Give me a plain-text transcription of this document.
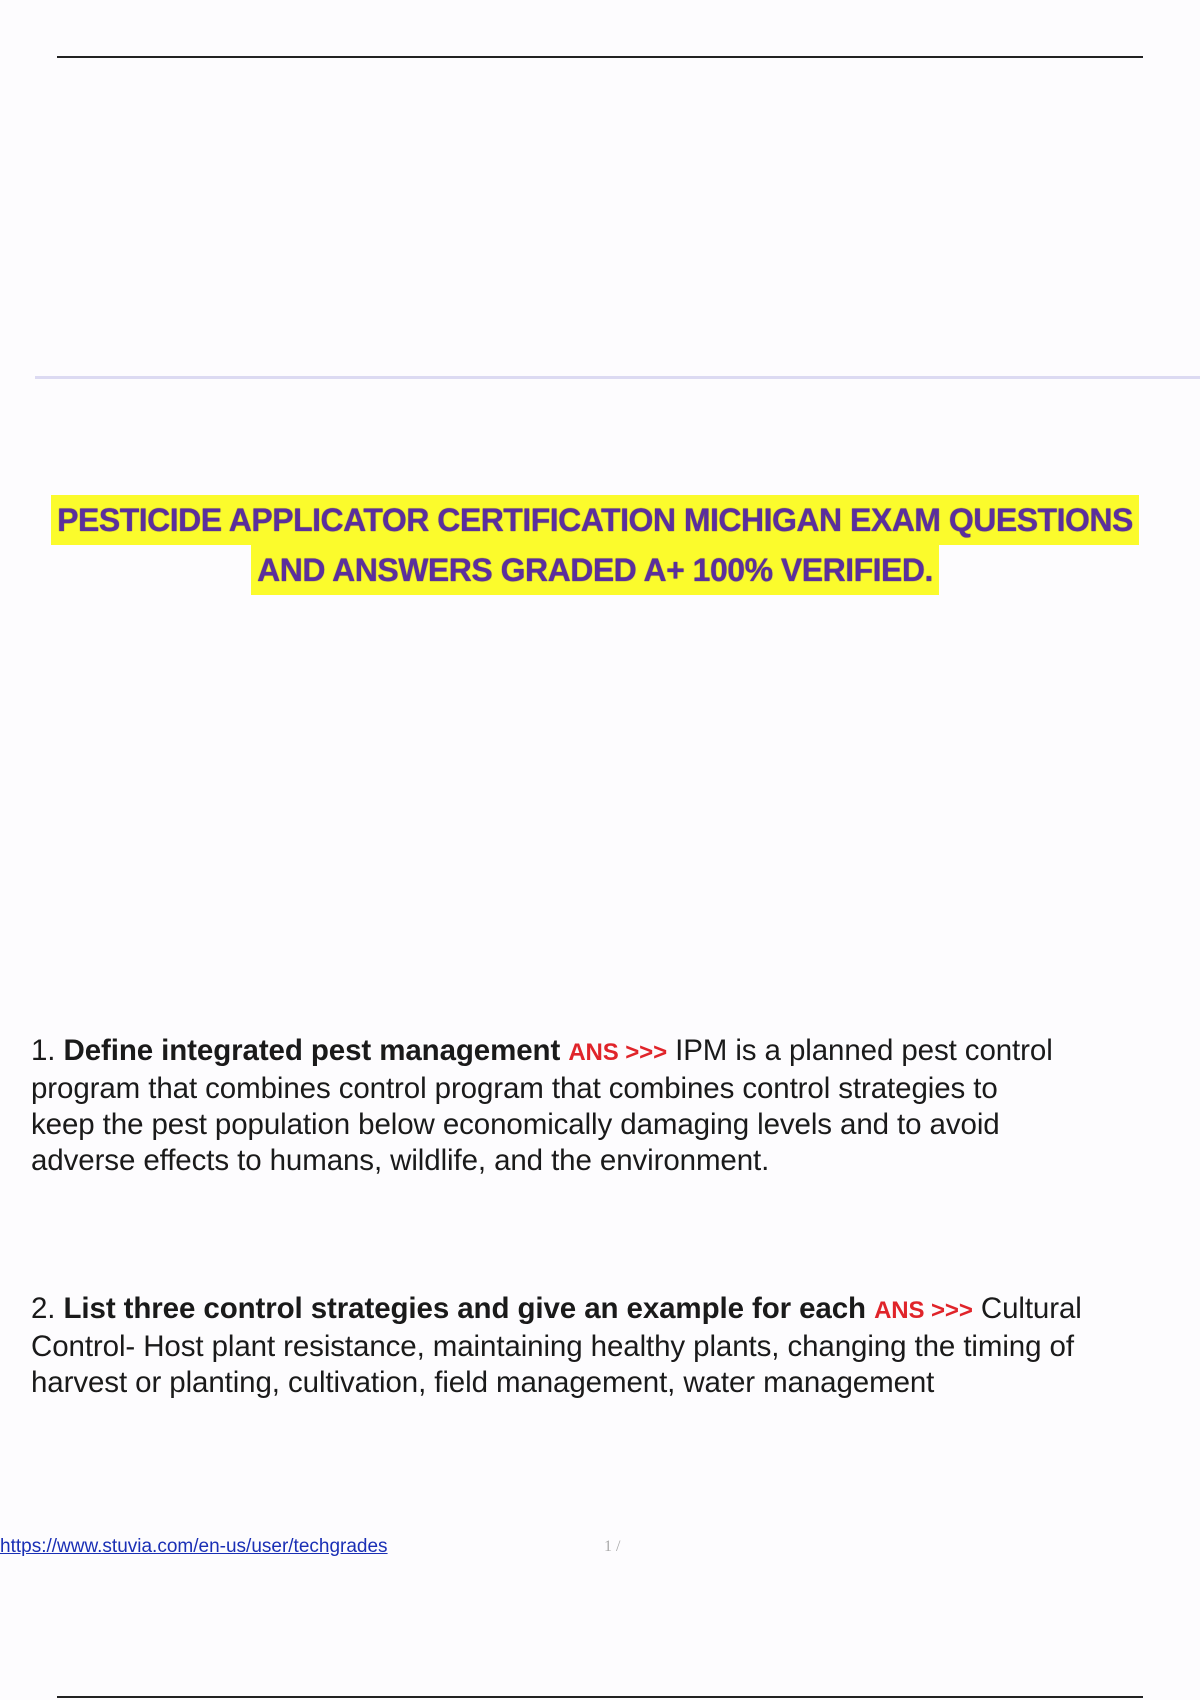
PESTICIDE APPLICATOR CERTIFICATION MICHIGAN EXAM QUESTIONS
AND ANSWERS GRADED A+ 100% VERIFIED.
1. Define integrated pest management ANS >>> IPM is a planned pest control
program that combines control program that combines control strategies to
keep the pest population below economically damaging levels and to avoid
adverse effects to humans, wildlife, and the environment.
2. List three control strategies and give an example for each ANS >>> Cultural
Control- Host plant resistance, maintaining healthy plants, changing the timing of
harvest or planting, cultivation, field management, water management
https://www.stuvia.com/en-us/user/techgrades	1 /
